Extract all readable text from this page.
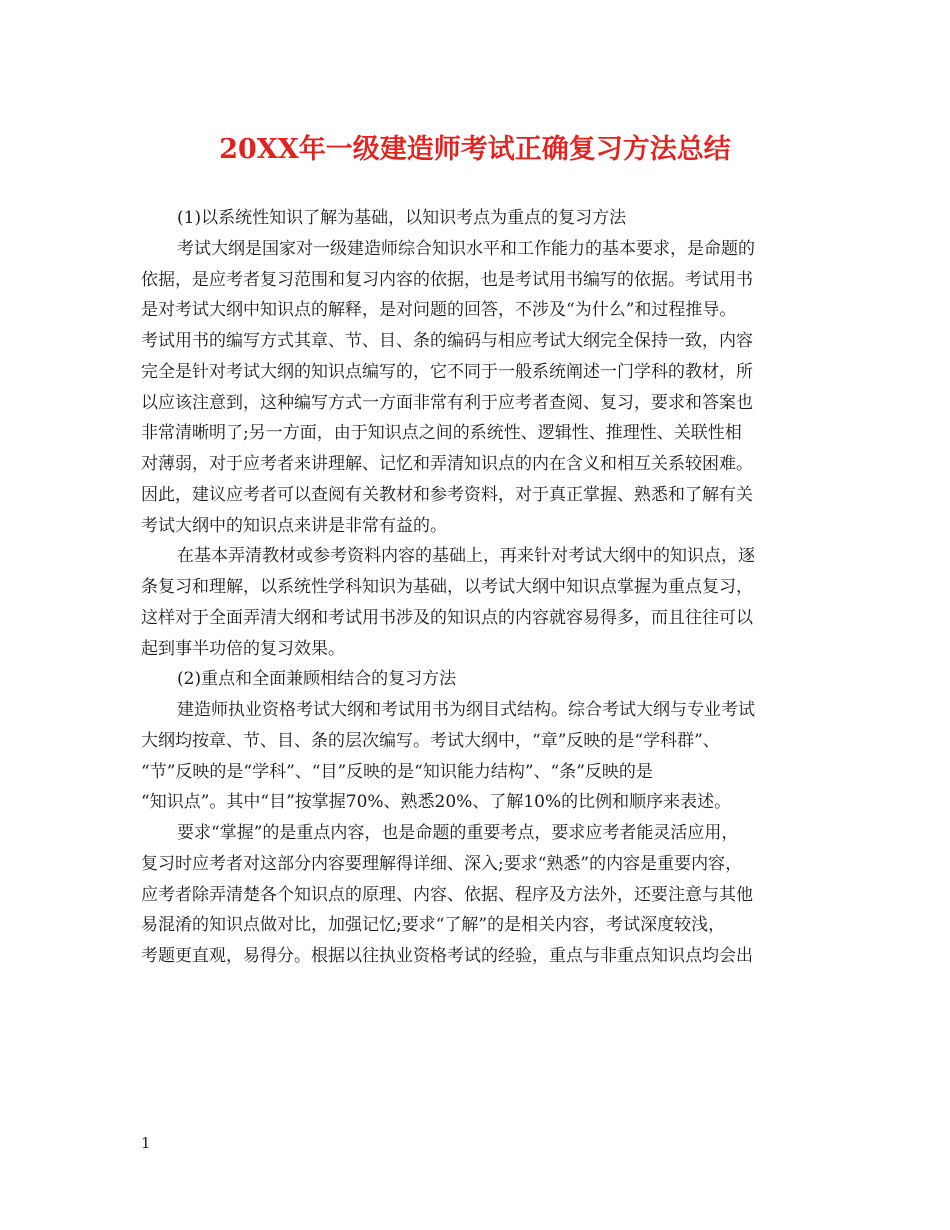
20XX年一级建造师考试正确复习方法总结
(1)以系统性知识了解为基础，以知识考点为重点的复习方法
考试大纲是国家对一级建造师综合知识水平和工作能力的基本要求，是命题的
依据，是应考者复习范围和复习内容的依据，也是考试用书编写的依据。考试用书
是对考试大纲中知识点的解释，是对问题的回答，不涉及“为什么”和过程推导。
考试用书的编写方式其章、节、目、条的编码与相应考试大纲完全保持一致，内容
完全是针对考试大纲的知识点编写的，它不同于一般系统阐述一门学科的教材，所
以应该注意到，这种编写方式一方面非常有利于应考者查阅、复习，要求和答案也
非常清晰明了;另一方面，由于知识点之间的系统性、逻辑性、推理性、关联性相
对薄弱，对于应考者来讲理解、记忆和弄清知识点的内在含义和相互关系较困难。
因此，建议应考者可以查阅有关教材和参考资料，对于真正掌握、熟悉和了解有关
考试大纲中的知识点来讲是非常有益的。
在基本弄清教材或参考资料内容的基础上，再来针对考试大纲中的知识点，逐
条复习和理解，以系统性学科知识为基础，以考试大纲中知识点掌握为重点复习，
这样对于全面弄清大纲和考试用书涉及的知识点的内容就容易得多，而且往往可以
起到事半功倍的复习效果。
(2)重点和全面兼顾相结合的复习方法
建造师执业资格考试大纲和考试用书为纲目式结构。综合考试大纲与专业考试
大纲均按章、节、目、条的层次编写。考试大纲中，“章”反映的是“学科群”、
“节”反映的是“学科”、“目”反映的是“知识能力结构”、“条”反映的是
“知识点”。其中“目”按掌握70%、熟悉20%、了解10%的比例和顺序来表述。
要求“掌握”的是重点内容，也是命题的重要考点，要求应考者能灵活应用，
复习时应考者对这部分内容要理解得详细、深入;要求“熟悉”的内容是重要内容，
应考者除弄清楚各个知识点的原理、内容、依据、程序及方法外，还要注意与其他
易混淆的知识点做对比，加强记忆;要求“了解”的是相关内容，考试深度较浅，
考题更直观，易得分。根据以往执业资格考试的经验，重点与非重点知识点均会出
1
